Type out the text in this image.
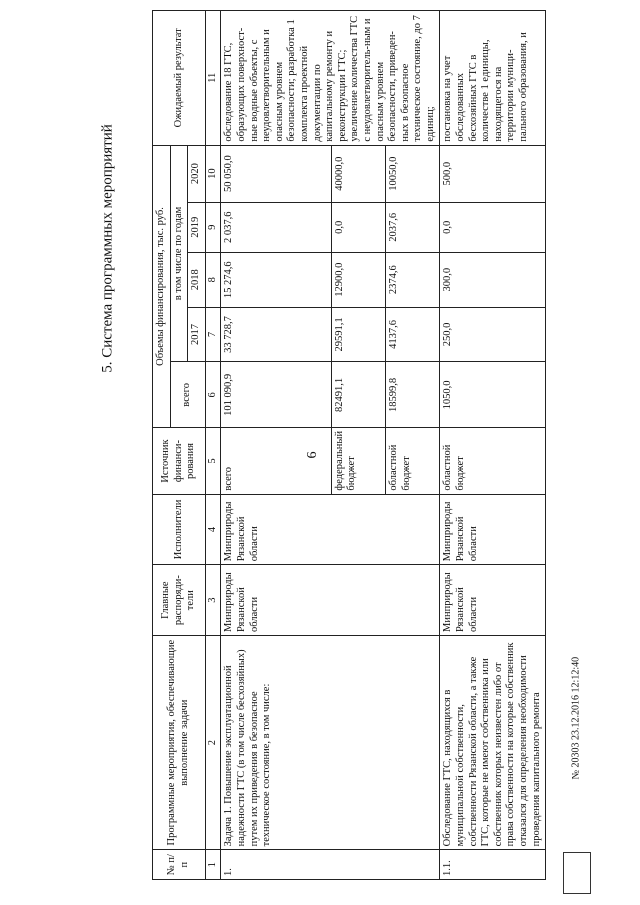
6
5. Система программных мероприятий
№ п/п	Программные мероприятия, обеспечивающие выполнение задачи	Главные распоряди-тели	Исполнители	Источник финанси-рования	Объемы финансирования, тыс. руб.					Ожидаемый результат
					всего	в том числе по годам				
						2017	2018	2019	2020	
1	2	3	4	5	6	7	8	9	10	11
1.	Задача 1. Повышение эксплуатационной надежности ГТС (в том числе бесхозяйных) путем их приведения в безопасное техническое состояние, в том числе:	Минприроды Рязанской области	Минприроды Рязанской области	всего	101 090,9	33 728,7	15 274,6	2 037,6	50 050,0	обследование 18 ГТС, образующих поверхност-ные водные объекты, с неудовлетворительным и опасным уровнем безопасности; разработка 1 комплекта проектной документации по капитальному ремонту и реконструкции ГТС; увеличение количества ГТС с неудовлетворитель-ным и опасным уровнем безопасности, приведен-ных в безопасное техническое состояние, до 7 единиц;
				федеральный бюджет	82491,1	29591,1	12900,0	0,0	40000,0	
				областной бюджет	18599,8	4137,6	2374,6	2037,6	10050,0	
1.1.	Обследование ГТС, находящихся в муниципальной собственности, собственности Рязанской области, а также ГТС, которые не имеют собственника или собственник которых неизвестен либо от права собственности на которые собственник отказался для определения необходимости проведения капитального ремонта	Минприроды Рязанской области	Минприроды Рязанской области	областной бюджет	1050,0	250,0	300,0	0,0	500,0	постановка на учет обследованных бесхозяйных ГТС в количестве 1 единицы, находящегося на территории муници-пального образования, и
№ 20303 23.12.2016 12:12:40
